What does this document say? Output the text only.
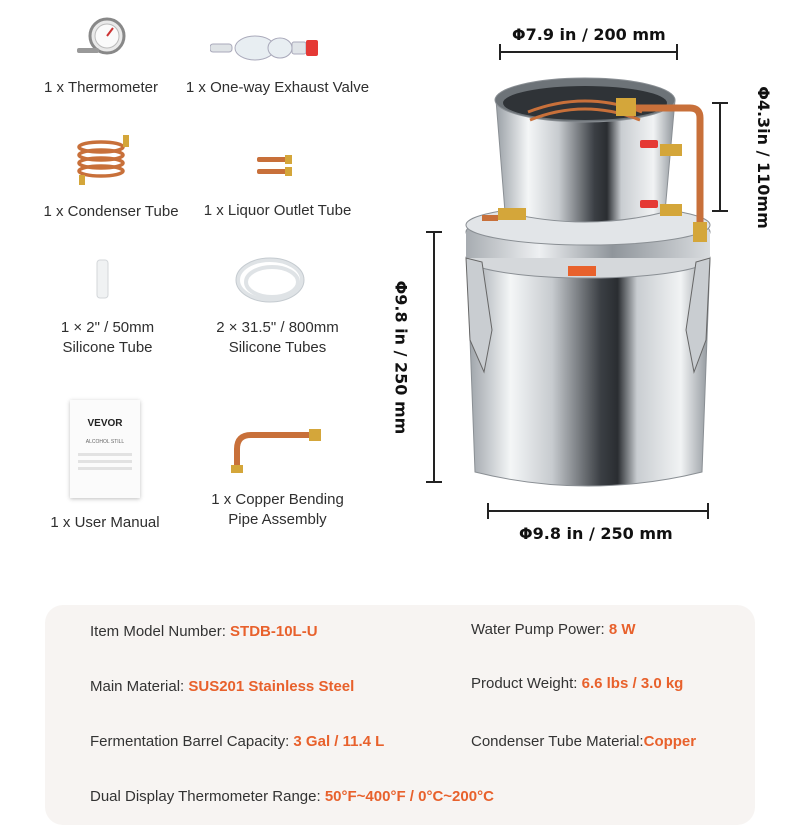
VEVOR
ALCOHOL STILL
1 x Thermometer	1 x One-way Exhaust Valve
1 x Condenser Tube	1 x Liquor Outlet Tube
1 × 2" / 50mm
Silicone Tube
2 × 31.5" / 800mm
Silicone Tubes
1 x User Manual
1 x Copper Bending
Pipe Assembly
Φ7.9 in / 200 mm
Φ4.3in / 110mm
Φ9.8 in / 250 mm
Φ9.8 in / 250 mm
Item Model Number: STDB-10L-U	Water Pump Power: 8 W
Main Material: SUS201 Stainless Steel	Product Weight: 6.6 lbs / 3.0 kg
Fermentation Barrel Capacity: 3 Gal / 11.4 L	Condenser Tube Material:Copper
Dual Display Thermometer Range: 50°F~400°F / 0°C~200°C
